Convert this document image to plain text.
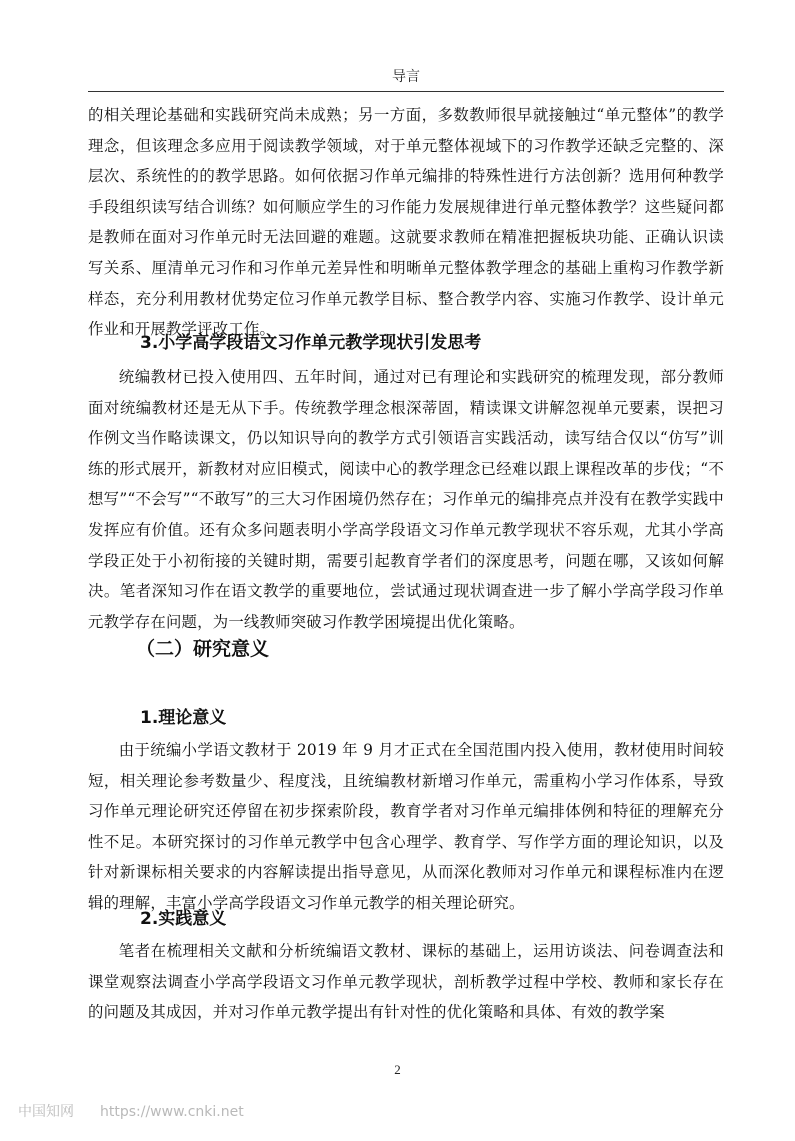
导言

的相关理论基础和实践研究尚未成熟；另一方面，多数教师很早就接触过“单元整体”的教学理念，但该理念多应用于阅读教学领域，对于单元整体视域下的习作教学还缺乏完整的、深层次、系统性的的教学思路。如何依据习作单元编排的特殊性进行方法创新？选用何种教学手段组织读写结合训练？如何顺应学生的习作能力发展规律进行单元整体教学？这些疑问都是教师在面对习作单元时无法回避的难题。这就要求教师在精准把握板块功能、正确认识读写关系、厘清单元习作和习作单元差异性和明晰单元整体教学理念的基础上重构习作教学新样态，充分利用教材优势定位习作单元教学目标、整合教学内容、实施习作教学、设计单元作业和开展教学评改工作。

3.小学高学段语文习作单元教学现状引发思考

统编教材已投入使用四、五年时间，通过对已有理论和实践研究的梳理发现，部分教师面对统编教材还是无从下手。传统教学理念根深蒂固，精读课文讲解忽视单元要素，误把习作例文当作略读课文，仍以知识导向的教学方式引领语言实践活动，读写结合仅以“仿写”训练的形式展开，新教材对应旧模式，阅读中心的教学理念已经难以跟上课程改革的步伐；“不想写”“不会写”“不敢写”的三大习作困境仍然存在；习作单元的编排亮点并没有在教学实践中发挥应有价值。还有众多问题表明小学高学段语文习作单元教学现状不容乐观，尤其小学高学段正处于小初衔接的关键时期，需要引起教育学者们的深度思考，问题在哪，又该如何解决。笔者深知习作在语文教学的重要地位，尝试通过现状调查进一步了解小学高学段习作单元教学存在问题，为一线教师突破习作教学困境提出优化策略。

（二）研究意义
1.理论意义

由于统编小学语文教材于 2019 年 9 月才正式在全国范围内投入使用，教材使用时间较短，相关理论参考数量少、程度浅，且统编教材新增习作单元，需重构小学习作体系，导致习作单元理论研究还停留在初步探索阶段，教育学者对习作单元编排体例和特征的理解充分性不足。本研究探讨的习作单元教学中包含心理学、教育学、写作学方面的理论知识，以及针对新课标相关要求的内容解读提出指导意见，从而深化教师对习作单元和课程标准内在逻辑的理解，丰富小学高学段语文习作单元教学的相关理论研究。

2.实践意义

笔者在梳理相关文献和分析统编语文教材、课标的基础上，运用访谈法、问卷调查法和课堂观察法调查小学高学段语文习作单元教学现状，剖析教学过程中学校、教师和家长存在的问题及其成因，并对习作单元教学提出有针对性的优化策略和具体、有效的教学案

2
中国知网 https://www.cnki.net
